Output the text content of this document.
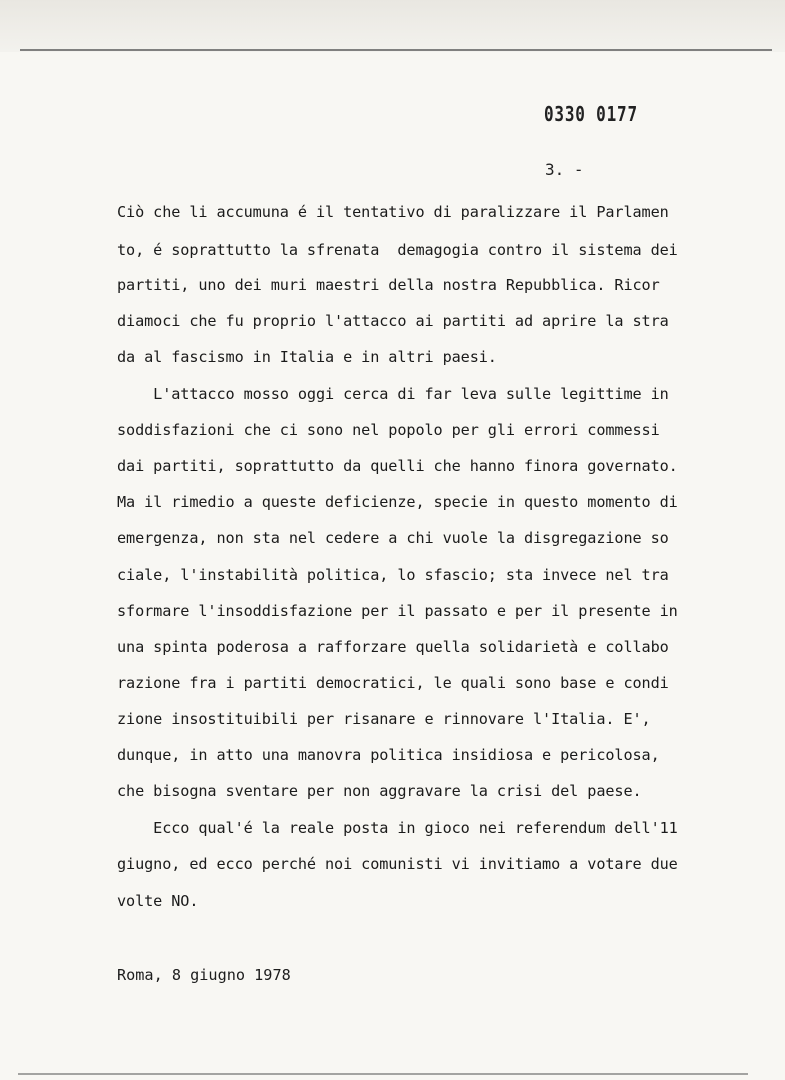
0330 0177
3. -
Ciò che li accumuna é il tentativo di paralizzare il Parlamen
to, é soprattutto la sfrenata  demagogia contro il sistema dei
partiti, uno dei muri maestri della nostra Repubblica. Ricor
diamoci che fu proprio l'attacco ai partiti ad aprire la stra
da al fascismo in Italia e in altri paesi.
L'attacco mosso oggi cerca di far leva sulle legittime in
soddisfazioni che ci sono nel popolo per gli errori commessi
dai partiti, soprattutto da quelli che hanno finora governato.
Ma il rimedio a queste deficienze, specie in questo momento di
emergenza, non sta nel cedere a chi vuole la disgregazione so
ciale, l'instabilità politica, lo sfascio; sta invece nel tra
sformare l'insoddisfazione per il passato e per il presente in
una spinta poderosa a rafforzare quella solidarietà e collabo
razione fra i partiti democratici, le quali sono base e condi
zione insostituibili per risanare e rinnovare l'Italia. E',
dunque, in atto una manovra politica insidiosa e pericolosa,
che bisogna sventare per non aggravare la crisi del paese.
Ecco qual'é la reale posta in gioco nei referendum dell'11
giugno, ed ecco perché noi comunisti vi invitiamo a votare due
volte NO.
Roma, 8 giugno 1978
